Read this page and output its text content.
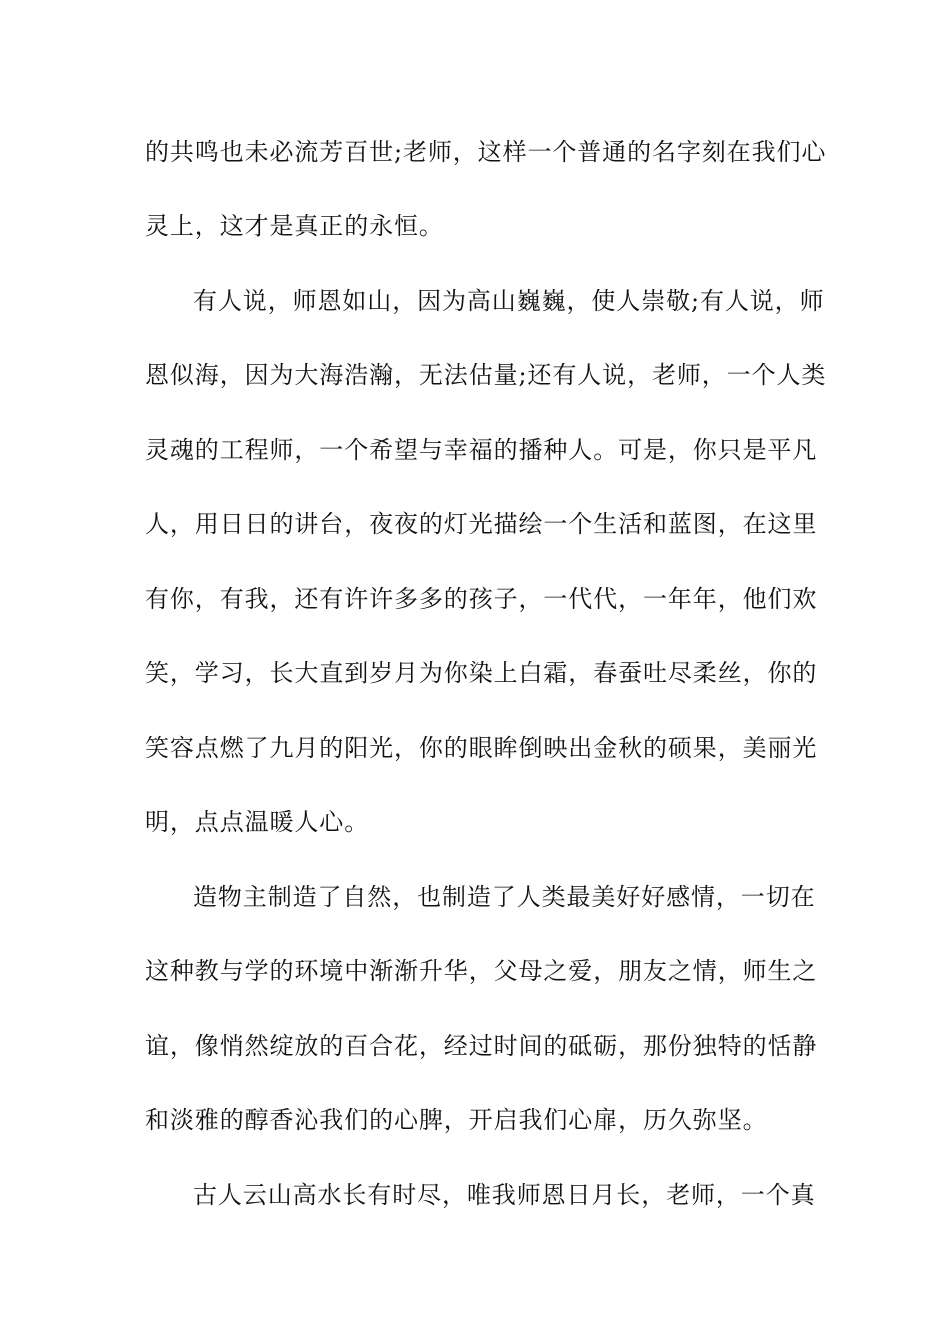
的共鸣也未必流芳百世;老师，这样一个普通的名字刻在我们心
灵上，这才是真正的永恒。
有人说，师恩如山，因为高山巍巍，使人崇敬;有人说，师
恩似海，因为大海浩瀚，无法估量;还有人说，老师，一个人类
灵魂的工程师，一个希望与幸福的播种人。可是，你只是平凡
人，用日日的讲台，夜夜的灯光描绘一个生活和蓝图，在这里
有你，有我，还有许许多多的孩子，一代代，一年年，他们欢
笑，学习，长大直到岁月为你染上白霜，春蚕吐尽柔丝，你的
笑容点燃了九月的阳光，你的眼眸倒映出金秋的硕果，美丽光
明，点点温暖人心。
造物主制造了自然，也制造了人类最美好好感情，一切在
这种教与学的环境中渐渐升华，父母之爱，朋友之情，师生之
谊，像悄然绽放的百合花，经过时间的砥砺，那份独特的恬静
和淡雅的醇香沁我们的心脾，开启我们心扉，历久弥坚。
古人云山高水长有时尽，唯我师恩日月长，老师，一个真
